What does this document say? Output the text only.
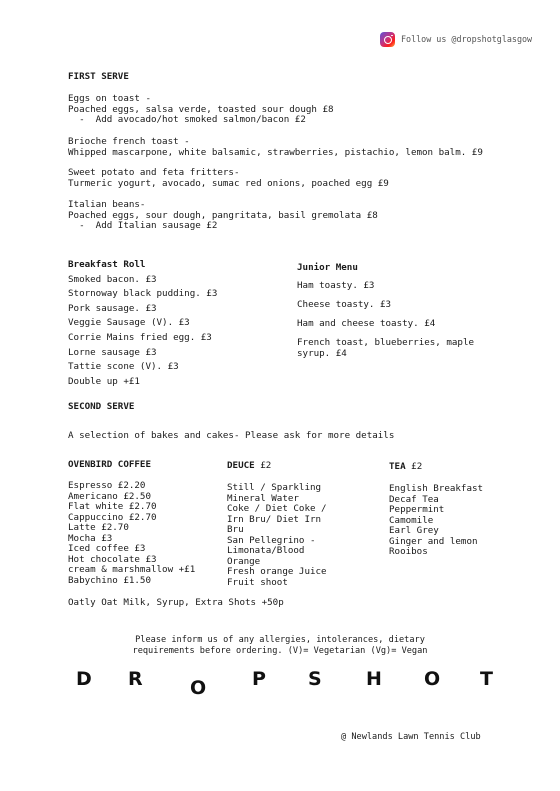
Follow us @dropshotglasgow
FIRST SERVE
Eggs on toast -
Poached eggs, salsa verde, toasted sour dough £8
-  Add avocado/hot smoked salmon/bacon £2
Brioche french toast -
Whipped mascarpone, white balsamic, strawberries, pistachio, lemon balm. £9
Sweet potato and feta fritters-
Turmeric yogurt, avocado, sumac red onions, poached egg £9
Italian beans-
Poached eggs, sour dough, pangritata, basil gremolata £8
-  Add Italian sausage £2
Breakfast Roll
Smoked bacon. £3
Stornoway black pudding. £3
Pork sausage. £3
Veggie Sausage (V). £3
Corrie Mains fried egg. £3
Lorne sausage £3
Tattie scone (V). £3
Double up +£1
Junior Menu
Ham toasty. £3
Cheese toasty. £3
Ham and cheese toasty. £4
French toast, blueberries, maple
syrup. £4
SECOND SERVE
A selection of bakes and cakes- Please ask for more details
OVENBIRD COFFEE
Espresso £2.20
Americano £2.50
Flat white £2.70
Cappuccino £2.70
Latte £2.70
Mocha £3
Iced coffee £3
Hot chocolate £3
cream & marshmallow +£1
Babychino £1.50
Oatly Oat Milk, Syrup, Extra Shots +50p
DEUCE £2
Still / Sparkling
Mineral Water
Coke / Diet Coke /
Irn Bru/ Diet Irn
Bru
San Pellegrino -
Limonata/Blood
Orange
Fresh orange Juice
Fruit shoot
TEA £2
English Breakfast
Decaf Tea
Peppermint
Camomile
Earl Grey
Ginger and lemon
Rooibos
Please inform us of any allergies, intolerances, dietary
requirements before ordering. (V)= Vegetarian (Vg)= Vegan
D R O P S H O T
@ Newlands Lawn Tennis Club
